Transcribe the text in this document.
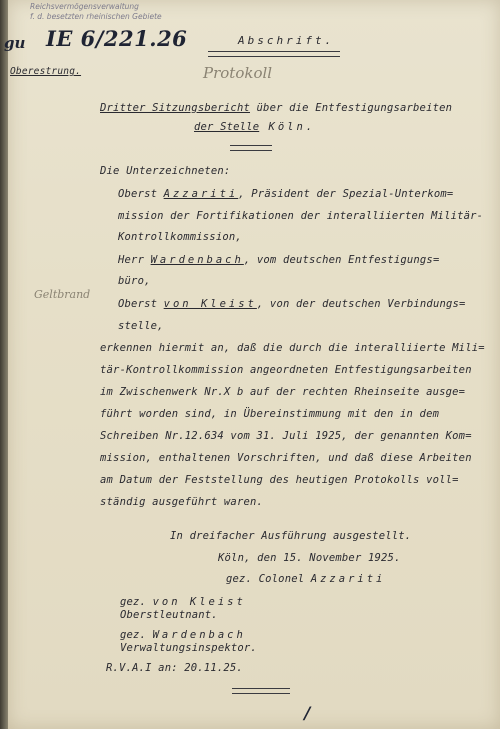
Reichsvermögensverwaltung
f. d. besetzten rheinischen Gebiete
gu IE 6/221.26	Abschrift.
Oberestrung.	Protokoll
Dritter Sitzungsbericht über die Entfestigungsarbeiten
der Stelle Köln.
Die Unterzeichneten:
Oberst Azzariti, Präsident der Spezial-Unterkom=
mission der Fortifikationen der interalliierten Militär-
Kontrollkommission,
Herr Wardenbach, vom deutschen Entfestigungs=
büro,
Geltbrand
Oberst von Kleist, von der deutschen Verbindungs=
stelle,
erkennen hiermit an, daß die durch die interalliierte Mili=
tär-Kontrollkommission angeordneten Entfestigungsarbeiten
im Zwischenwerk Nr.X b auf der rechten Rheinseite ausge=
führt worden sind, in Übereinstimmung mit den in dem
Schreiben Nr.12.634 vom 31. Juli 1925, der genannten Kom=
mission, enthaltenen Vorschriften, und daß diese Arbeiten
am Datum der Feststellung des heutigen Protokolls voll=
ständig ausgeführt waren.
In dreifacher Ausführung ausgestellt.
Köln, den 15. November 1925.
gez. Colonel Azzariti
gez. von Kleist
Oberstleutnant.
gez. Wardenbach
Verwaltungsinspektor.
R.V.A.I an: 20.11.25.
/
